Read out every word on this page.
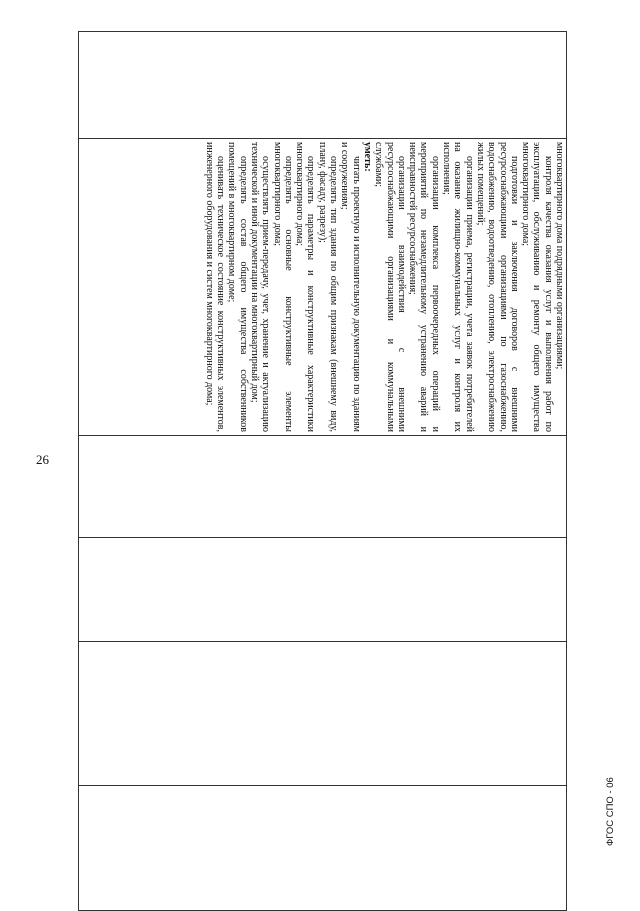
26

многоквартирного дома подрядными организациями;
контроля качества оказания услуг и выполнения работ по эксплуатации, обслуживанию и ремонту общего имущества многоквартирного дома;
подготовки и заключения договоров с внешними ресурсоснабжающими организациями по газоснабжению, водоснабжению, водоотведению, отоплению, электроснабжению жилых помещений;
организации приема, регистрации, учета заявок потребителей на оказание жилищно-коммунальных услуг и контроля их исполнения;
организации комплекса первоочередных операций и мероприятий по незамедлительному устранению аварий и неисправностей ресурсоснабжения;
организации взаимодействия с внешними ресурсоснабжающими организациями и коммунальными службами;
уметь:
читать проектную и исполнительную документацию по зданиям и сооружениям;
определять тип здания по общим признакам (внешнему виду, плану, фасаду, разрезу);
определять параметры и конструктивные характеристики многоквартирного дома;
определять основные конструктивные элементы многоквартирного дома;
осуществлять прием-передачу, учет, хранение и актуализацию технической и иной документации на многоквартирный дом;
определять состав общего имущества собственников помещений в многоквартирном доме;
оценивать техническое состояние конструктивных элементов, инженерного оборудования и систем многоквартирного дома;

ФГОС СПО - 06
